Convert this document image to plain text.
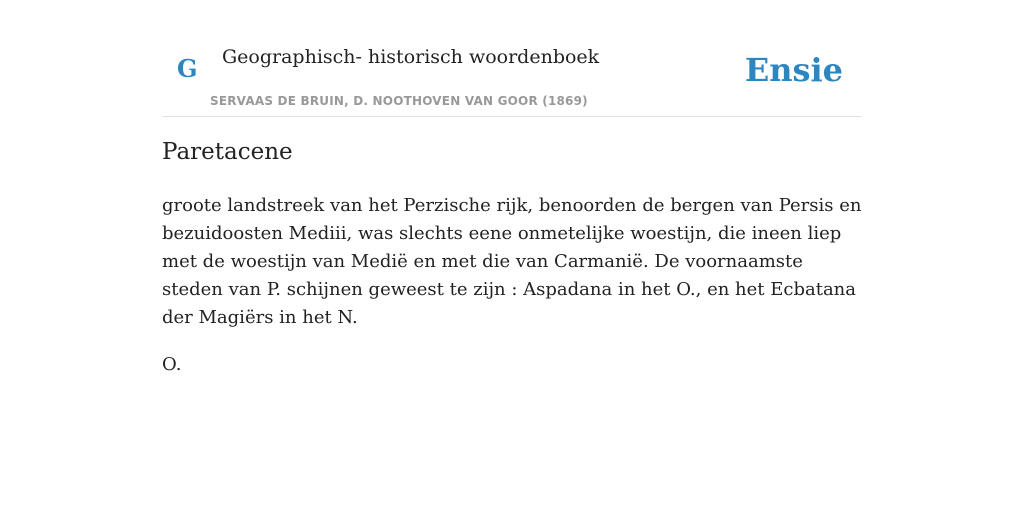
G Geographisch- historisch woordenboek
SERVAAS DE BRUIN, D. NOOTHOVEN VAN GOOR (1869)
Ensie
Paretacene

groote landstreek van het Perzische rijk, benoorden de bergen van Persis en bezuidoosten Mediii, was slechts eene onmetelijke woestijn, die ineen liep met de woestijn van Medië en met die van Carmanië. De voornaamste steden van P. schijnen geweest te zijn : Aspadana in het O., en het Ecbatana der Magiërs in het N.

O.
